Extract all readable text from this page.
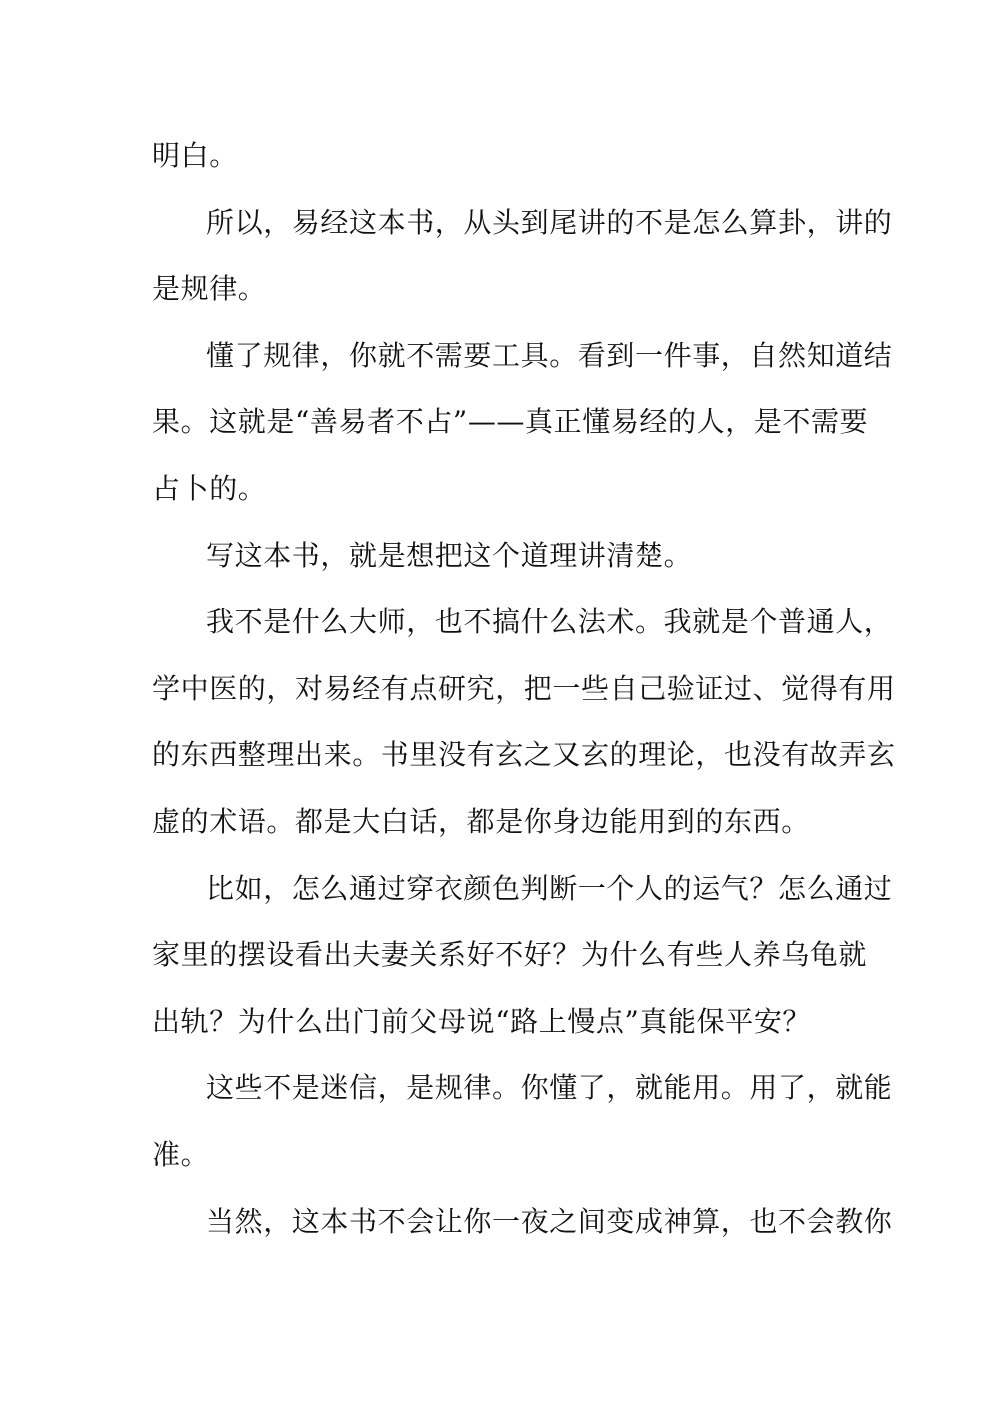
明白。
所以，易经这本书，从头到尾讲的不是怎么算卦，讲的
是规律。
懂了规律，你就不需要工具。看到一件事，自然知道结
果。这就是“善易者不占”——真正懂易经的人，是不需要
占卜的。
写这本书，就是想把这个道理讲清楚。
我不是什么大师，也不搞什么法术。我就是个普通人，
学中医的，对易经有点研究，把一些自己验证过、觉得有用
的东西整理出来。书里没有玄之又玄的理论，也没有故弄玄
虚的术语。都是大白话，都是你身边能用到的东西。
比如，怎么通过穿衣颜色判断一个人的运气？怎么通过
家里的摆设看出夫妻关系好不好？为什么有些人养乌龟就
出轨？为什么出门前父母说“路上慢点”真能保平安？
这些不是迷信，是规律。你懂了，就能用。用了，就能
准。
当然，这本书不会让你一夜之间变成神算，也不会教你
